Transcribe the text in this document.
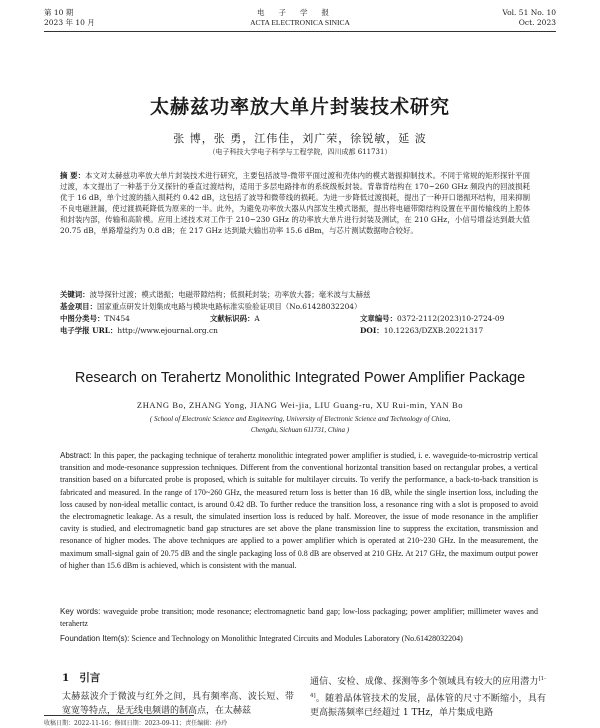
第 10 期
2023 年 10 月
电子学报
ACTA ELECTRONICA SINICA
Vol. 51 No. 10
Oct. 2023
太赫兹功率放大单片封装技术研究
张 博，张 勇，江伟佳，刘广荣，徐锐敏，延 波
（电子科技大学电子科学与工程学院，四川成都 611731）
摘 要：本文对太赫兹功率放大单片封装技术进行研究，主要包括波导-微带平面过渡和壳体内的模式谐振抑制技术。不同于常规的矩形探针平面过渡，本文提出了一种基于分叉探针的垂直过渡结构，适用于多层电路排布的系统级板封装。背靠背结构在 170~260 GHz 频段内的回波损耗优于 16 dB，单个过渡的插入损耗约 0.42 dB，这包括了波导和微带线的损耗。为进一步降低过渡损耗，提出了一种开口谐振环结构，用来抑制不良电磁泄漏，使过渡损耗降低为原来的一半。此外，为避免功率放大器从内部发生模式谐振，提出将电磁带隙结构设置在平面传输线的上腔体和封装内部，传输和高阶模。应用上述技术对工作于 210~230 GHz 的功率放大单片进行封装及测试，在 210 GHz，小信号增益达到最大值 20.75 dB，单路增益约为 0.8 dB；在 217 GHz 达到最大输出功率 15.6 dBm，与芯片测试数据吻合较好。
关键词：波导探针过渡；模式谐振；电磁带隙结构；低损耗封装；功率放大器；毫米波与太赫兹
基金项目：国家重点研发计划集成电路与模块电路标准实验验证项目（No.61428032204）
中图分类号：TN454	文献标识码：A	文章编号：0372-2112(2023)10-2724-09
电子学报 URL：http://www.ejournal.org.cn	DOI：10.12263/DZXB.20221317
Research on Terahertz Monolithic Integrated Power Amplifier Package
ZHANG Bo, ZHANG Yong, JIANG Wei-jia, LIU Guang-ru, XU Rui-min, YAN Bo
( School of Electronic Science and Engineering, University of Electronic Science and Technology of China,
Chengdu, Sichuan 611731, China )
Abstract: In this paper, the packaging technique of terahertz monolithic integrated power amplifier is studied, i. e. waveguide-to-microstrip vertical transition and mode-resonance suppression techniques. Different from the conventional horizontal transition based on rectangular probes, a vertical transition based on a bifurcated probe is proposed, which is suitable for multilayer circuits. To verify the performance, a back-to-back transition is fabricated and measured. In the range of 170~260 GHz, the measured return loss is better than 16 dB, while the single insertion loss, including the loss caused by non-ideal metallic contact, is around 0.42 dB. To further reduce the transition loss, a resonance ring with a slot is proposed to avoid the electromagnetic leakage. As a result, the simulated insertion loss is reduced by half. Moreover, the issue of mode resonance in the amplifier cavity is studied, and electromagnetic band gap structures are set above the plane transmission line to suppress the excitation, transmission and resonance of higher modes. The above techniques are applied to a power amplifier which is operated at 210~230 GHz. In the measurement, the maximum small-signal gain of 20.75 dB and the single packaging loss of 0.8 dB are observed at 210 GHz. At 217 GHz, the maximum output power of higher than 15.6 dBm is achieved, which is consistent with the manual.
Key words: waveguide probe transition; mode resonance; electromagnetic band gap; low-loss packaging; power amplifier; millimeter waves and terahertz
Foundation Item(s): Science and Technology on Monolithic Integrated Circuits and Modules Laboratory (No.61428032204)
1 引言
太赫兹波介于微波与红外之间，具有频率高、波长短、带宽宽等特点，是无线电频谱的制高点，在太赫兹
通信、安检、成像、探测等多个领域具有较大的应用潜力[1-4]。随着晶体管技术的发展，晶体管的尺寸不断缩小，具有更高振荡频率已经超过 1 THz，单片集成电路
收稿日期：2022-11-16；修回日期：2023-09-11；责任编辑：孙玲
